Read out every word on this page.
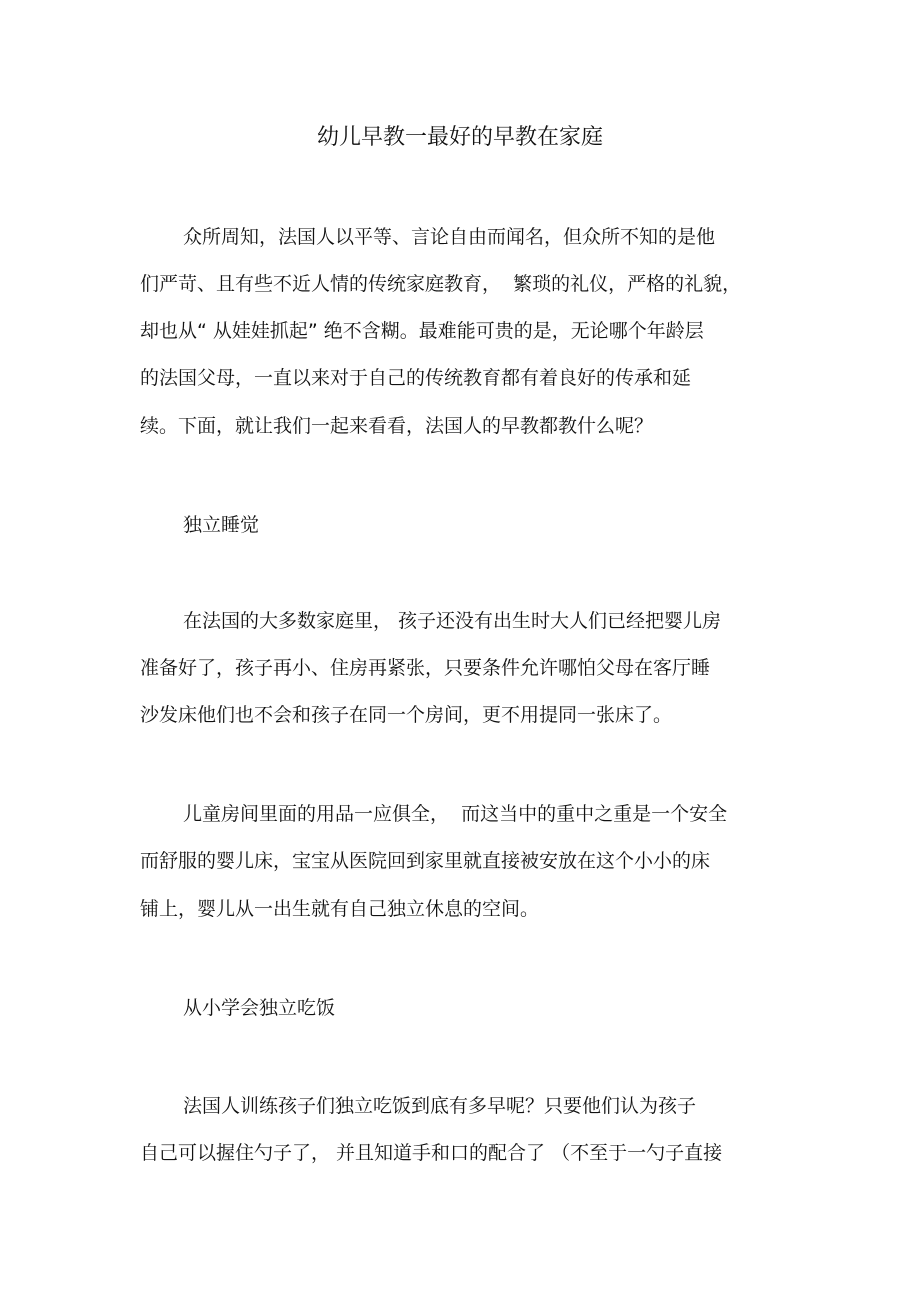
幼儿早教一最好的早教在家庭
众所周知，法国人以平等、言论自由而闻名，但众所不知的是他
们严苛、且有些不近人情的传统家庭教育，  繁琐的礼仪，严格的礼貌，
却也从“ 从娃娃抓起” 绝不含糊。最难能可贵的是，无论哪个年龄层
的法国父母，一直以来对于自己的传统教育都有着良好的传承和延
续。下面，就让我们一起来看看，法国人的早教都教什么呢？
独立睡觉
在法国的大多数家庭里， 孩子还没有出生时大人们已经把婴儿房
准备好了，孩子再小、住房再紧张，只要条件允许哪怕父母在客厅睡
沙发床他们也不会和孩子在同一个房间，更不用提同一张床了。
儿童房间里面的用品一应俱全，  而这当中的重中之重是一个安全
而舒服的婴儿床，宝宝从医院回到家里就直接被安放在这个小小的床
铺上，婴儿从一出生就有自己独立休息的空间。
从小学会独立吃饭
法国人训练孩子们独立吃饭到底有多早呢？只要他们认为孩子
自己可以握住勺子了， 并且知道手和口的配合了 （不至于一勺子直接
